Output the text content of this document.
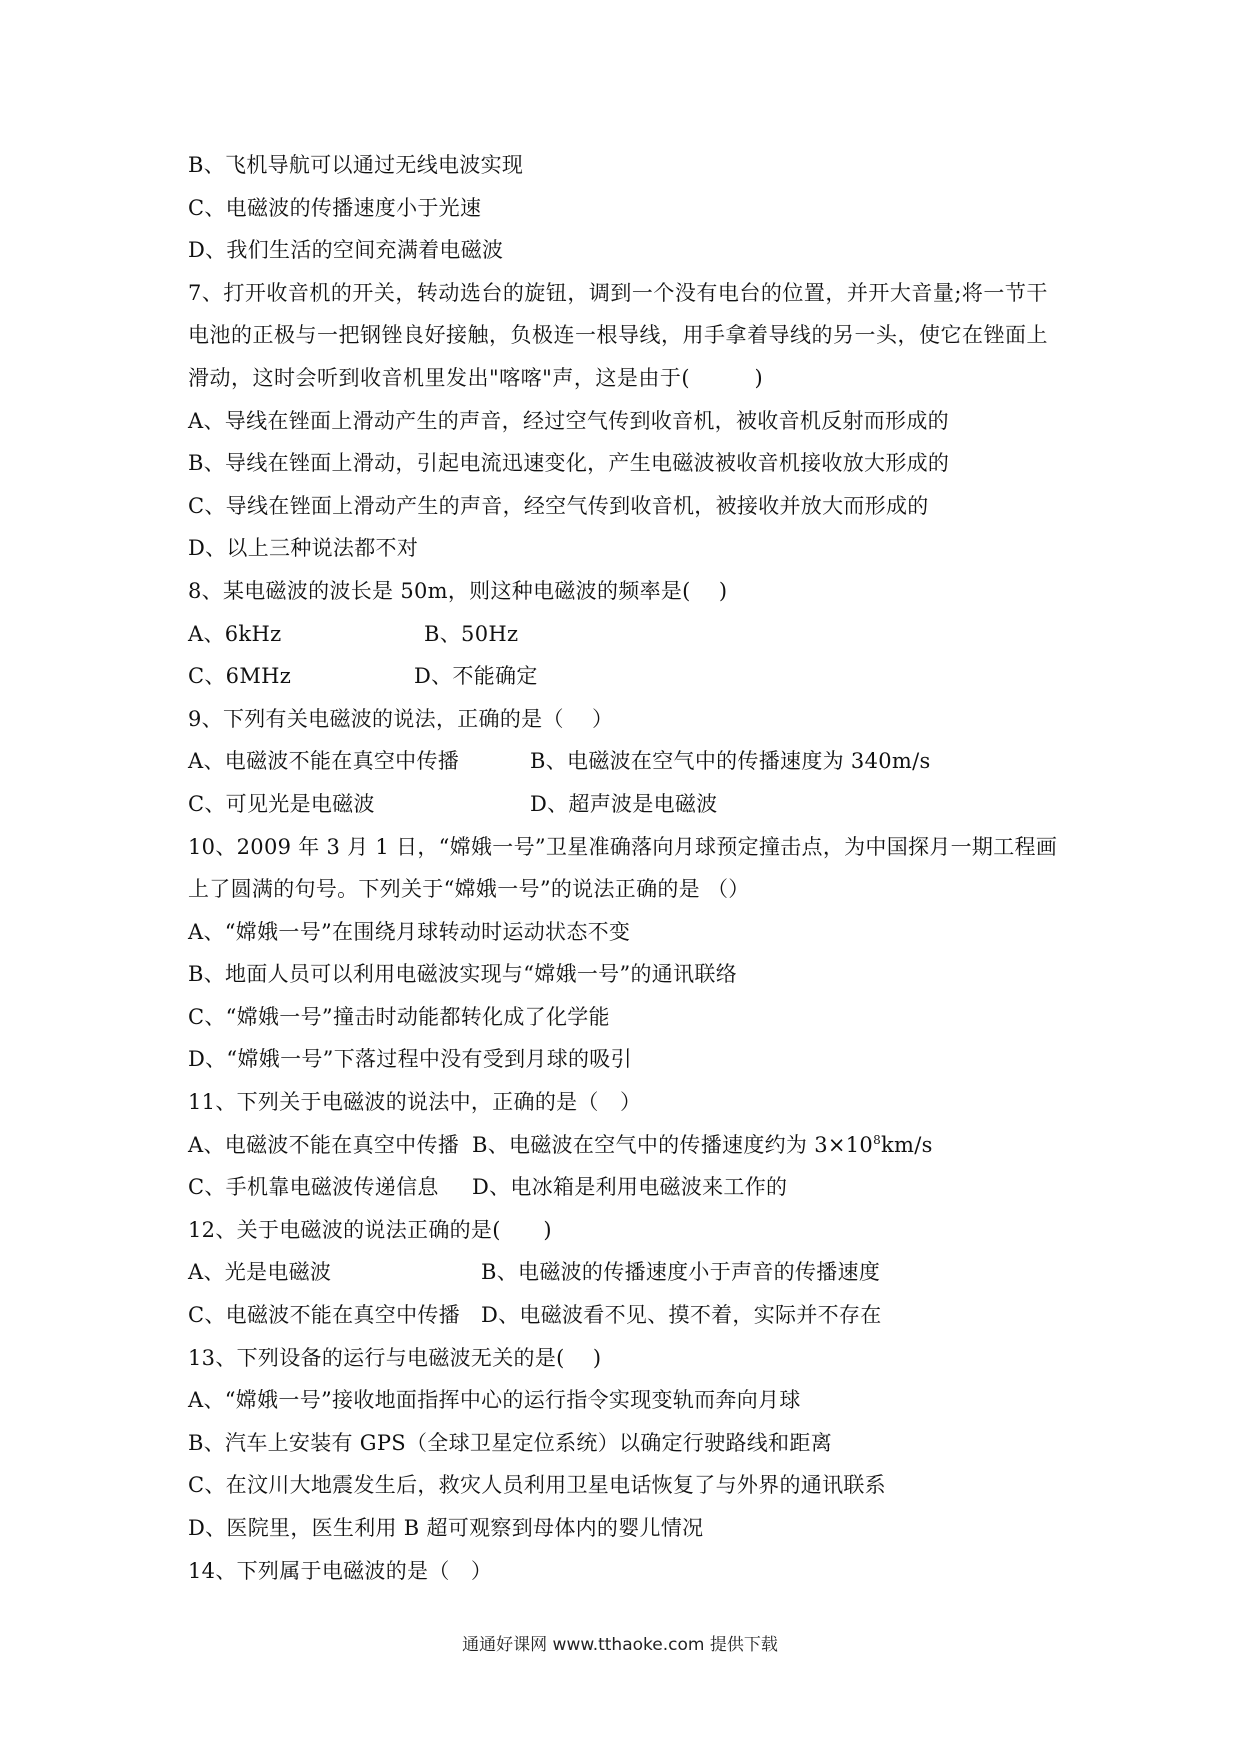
B、飞机导航可以通过无线电波实现
C、电磁波的传播速度小于光速
D、我们生活的空间充满着电磁波
7、打开收音机的开关，转动选台的旋钮，调到一个没有电台的位置，并开大音量;将一节干电池的正极与一把钢锉良好接触，负极连一根导线，用手拿着导线的另一头，使它在锉面上滑动，这时会听到收音机里发出"喀喀"声，这是由于(　　　)
A、导线在锉面上滑动产生的声音，经过空气传到收音机，被收音机反射而形成的
B、导线在锉面上滑动，引起电流迅速变化，产生电磁波被收音机接收放大形成的
C、导线在锉面上滑动产生的声音，经空气传到收音机，被接收并放大而形成的
D、以上三种说法都不对
8、某电磁波的波长是 50m，则这种电磁波的频率是(　 )
A、6kHz	B、50Hz
C、6MHz	D、不能确定
9、下列有关电磁波的说法，正确的是（　 ）
A、电磁波不能在真空中传播	B、电磁波在空气中的传播速度为 340m/s
C、可见光是电磁波	D、超声波是电磁波
10、2009 年 3 月 1 日，“嫦娥一号”卫星准确落向月球预定撞击点，为中国探月一期工程画上了圆满的句号。下列关于“嫦娥一号”的说法正确的是 （）
A、“嫦娥一号”在围绕月球转动时运动状态不变
B、地面人员可以利用电磁波实现与“嫦娥一号”的通讯联络
C、“嫦娥一号”撞击时动能都转化成了化学能
D、“嫦娥一号”下落过程中没有受到月球的吸引
11、下列关于电磁波的说法中，正确的是（　）
A、电磁波不能在真空中传播 B、电磁波在空气中的传播速度约为 $3\times 10^8km/s$
C、手机靠电磁波传递信息 D、电冰箱是利用电磁波来工作的
12、关于电磁波的说法正确的是(　　)
A、光是电磁波	B、电磁波的传播速度小于声音的传播速度
C、电磁波不能在真空中传播 D、电磁波看不见、摸不着，实际并不存在
13、下列设备的运行与电磁波无关的是(　 )
A、“嫦娥一号”接收地面指挥中心的运行指令实现变轨而奔向月球
B、汽车上安装有 GPS（全球卫星定位系统）以确定行驶路线和距离
C、在汶川大地震发生后，救灾人员利用卫星电话恢复了与外界的通讯联系
D、医院里，医生利用 B 超可观察到母体内的婴儿情况
14、下列属于电磁波的是（　）
通通好课网 www.tthaoke.com 提供下载
